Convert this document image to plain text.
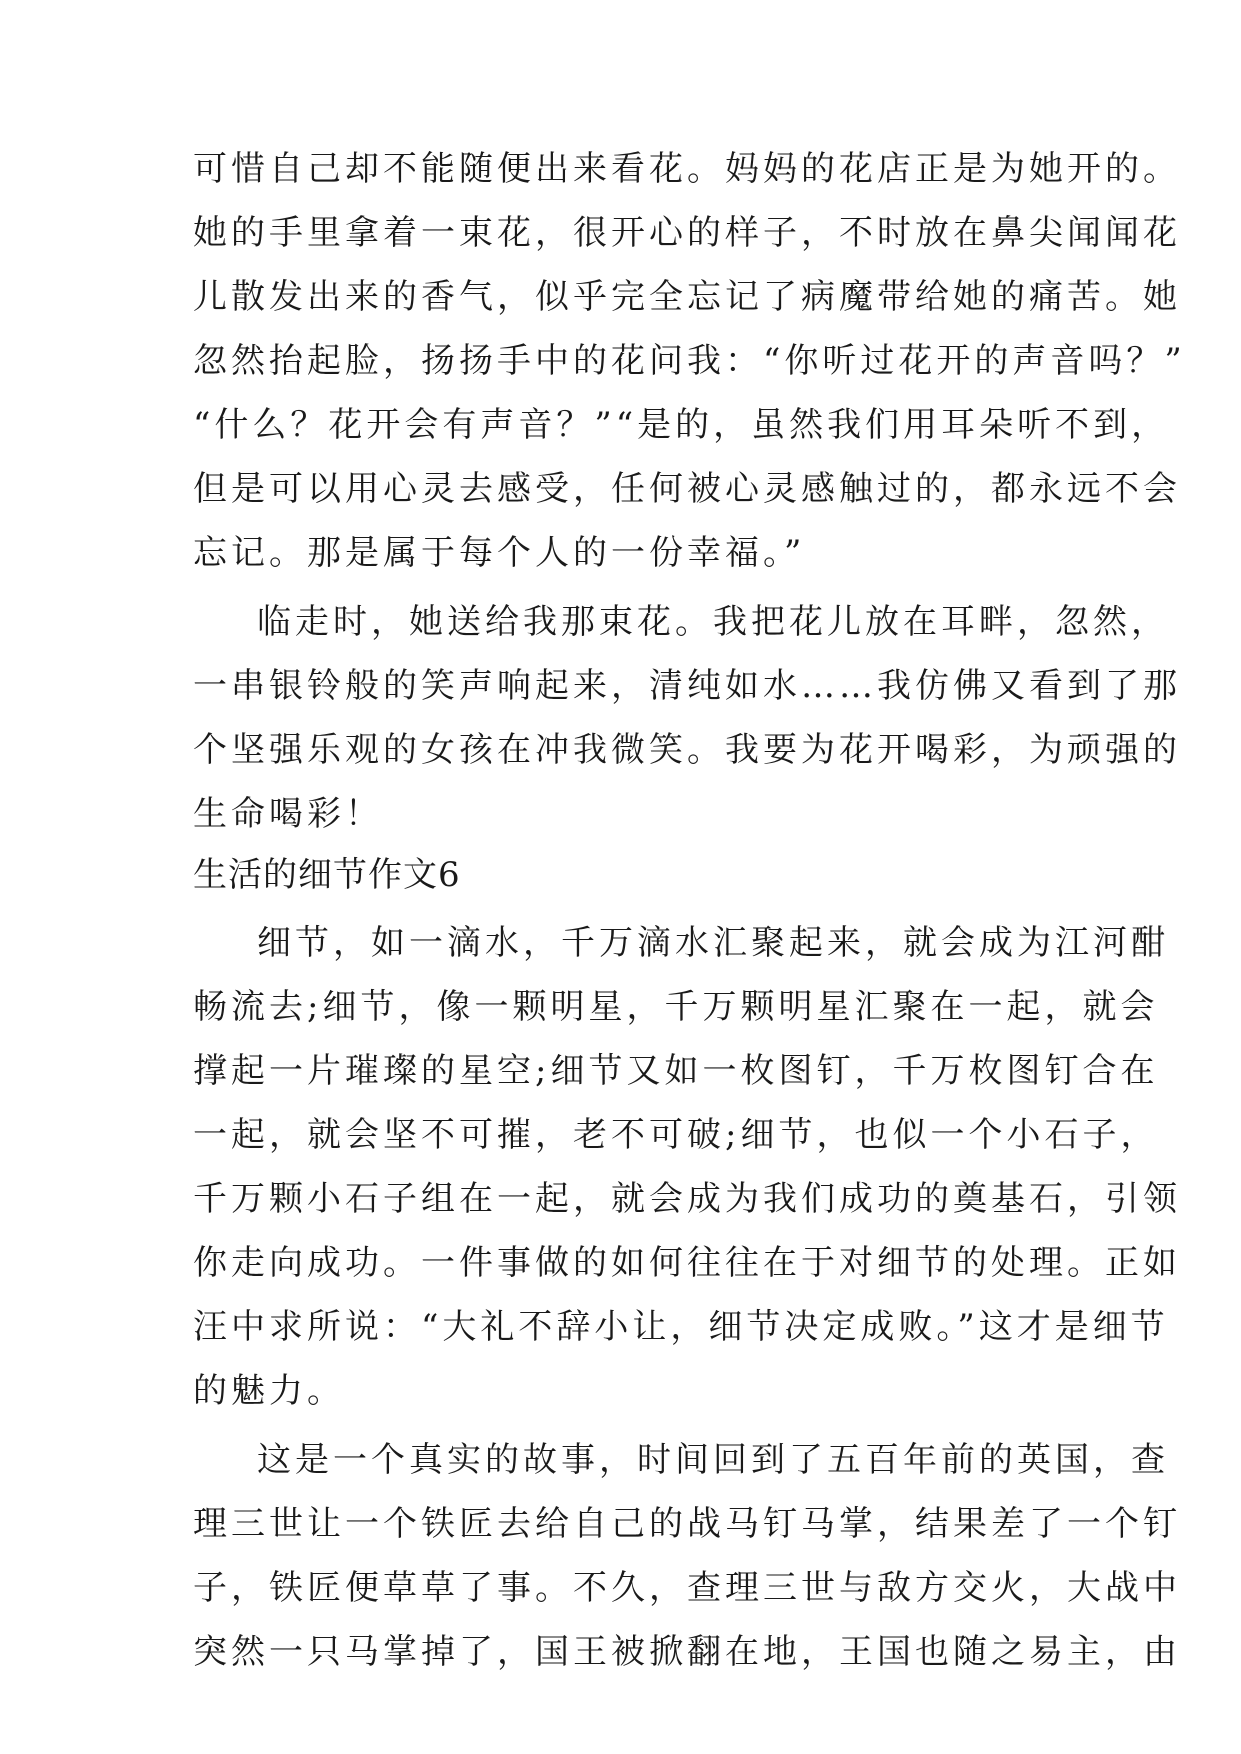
可惜自己却不能随便出来看花。妈妈的花店正是为她开的。
她的手里拿着一束花，很开心的样子，不时放在鼻尖闻闻花
儿散发出来的香气，似乎完全忘记了病魔带给她的痛苦。她
忽然抬起脸，扬扬手中的花问我：“你听过花开的声音吗？”
“什么？花开会有声音？”“是的，虽然我们用耳朵听不到，
但是可以用心灵去感受，任何被心灵感触过的，都永远不会
忘记。那是属于每个人的一份幸福。”
临走时，她送给我那束花。我把花儿放在耳畔，忽然，
一串银铃般的笑声响起来，清纯如水……我仿佛又看到了那
个坚强乐观的女孩在冲我微笑。我要为花开喝彩，为顽强的
生命喝彩！
生活的细节作文6
细节，如一滴水，千万滴水汇聚起来，就会成为江河酣
畅流去;细节，像一颗明星，千万颗明星汇聚在一起，就会
撑起一片璀璨的星空;细节又如一枚图钉，千万枚图钉合在
一起，就会坚不可摧，老不可破;细节，也似一个小石子，
千万颗小石子组在一起，就会成为我们成功的奠基石，引领
你走向成功。一件事做的如何往往在于对细节的处理。正如
汪中求所说：“大礼不辞小让，细节决定成败。”这才是细节
的魅力。
这是一个真实的故事，时间回到了五百年前的英国，查
理三世让一个铁匠去给自己的战马钉马掌，结果差了一个钉
子，铁匠便草草了事。不久，查理三世与敌方交火，大战中
突然一只马掌掉了，国王被掀翻在地，王国也随之易主，由
